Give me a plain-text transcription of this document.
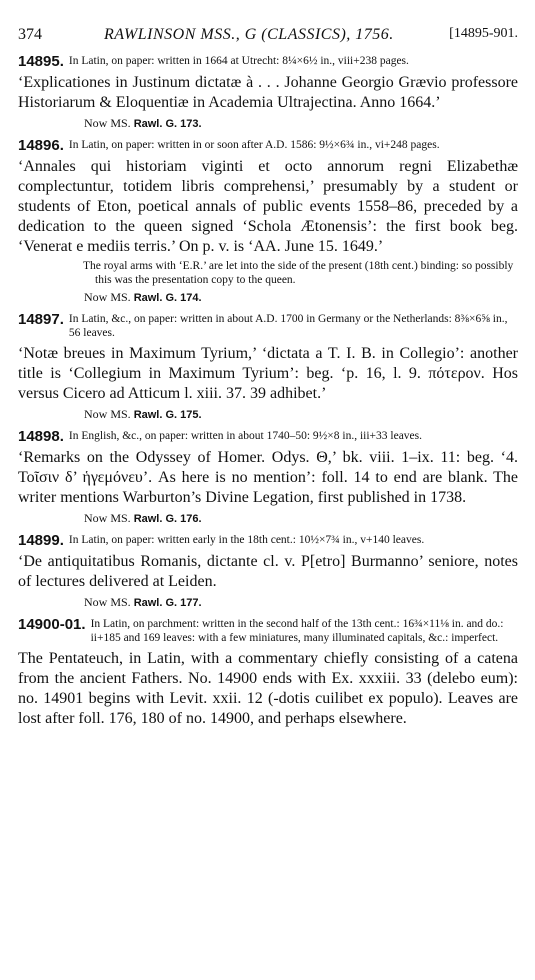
374	RAWLINSON MSS., G (CLASSICS), 1756.	[14895-901.
14895. In Latin, on paper: written in 1664 at Utrecht: 8¼×6½ in., viii+238 pages.
‘Explicationes in Justinum dictatæ à . . . Johanne Georgio Grævio professore Historiarum & Eloquentiæ in Academia Ultrajectina. Anno 1664.’
Now MS. Rawl. G. 173.
14896. In Latin, on paper: written in or soon after A.D. 1586: 9½×6¾ in., vi+248 pages.
‘Annales qui historiam viginti et octo annorum regni Elizabethæ complectuntur, totidem libris comprehensi,’ presumably by a student or students of Eton, poetical annals of public events 1558–86, preceded by a dedication to the queen signed ‘Schola Ætonensis’: the first book beg. ‘Venerat e mediis terris.’ On p. v. is ‘AA. June 15. 1649.’
The royal arms with ‘E.R.’ are let into the side of the present (18th cent.) binding: so possibly this was the presentation copy to the queen.
Now MS. Rawl. G. 174.
14897. In Latin, &c., on paper: written in about A.D. 1700 in Germany or the Netherlands: 8⅜×6⅝ in., 56 leaves.
‘Notæ breues in Maximum Tyrium,’ ‘dictata a T. I. B. in Collegio’: another title is ‘Collegium in Maximum Tyrium’: beg. ‘p. 16, l. 9. πότερον. Hos versus Cicero ad Atticum l. xiii. 37. 39 adhibet.’
Now MS. Rawl. G. 175.
14898. In English, &c., on paper: written in about 1740–50: 9½×8 in., iii+33 leaves.
‘Remarks on the Odyssey of Homer. Odys. Θ,’ bk. viii. 1–ix. 11: beg. ‘4. Τοῖσιν δ’ ἡγεμόνευ’. As here is no mention’: foll. 14 to end are blank. The writer mentions Warburton’s Divine Legation, first published in 1738.
Now MS. Rawl. G. 176.
14899. In Latin, on paper: written early in the 18th cent.: 10½×7¾ in., v+140 leaves.
‘De antiquitatibus Romanis, dictante cl. v. P[etro] Burmanno’ seniore, notes of lectures delivered at Leiden.
Now MS. Rawl. G. 177.
14900-01. In Latin, on parchment: written in the second half of the 13th cent.: 16¾×11⅛ in. and do.: ii+185 and 169 leaves: with a few miniatures, many illuminated capitals, &c.: imperfect.
The Pentateuch, in Latin, with a commentary chiefly consisting of a catena from the ancient Fathers. No. 14900 ends with Ex. xxxiii. 33 (delebo eum): no. 14901 begins with Levit. xxii. 12 (-dotis cuilibet ex populo). Leaves are lost after foll. 176, 180 of no. 14900, and perhaps elsewhere.
